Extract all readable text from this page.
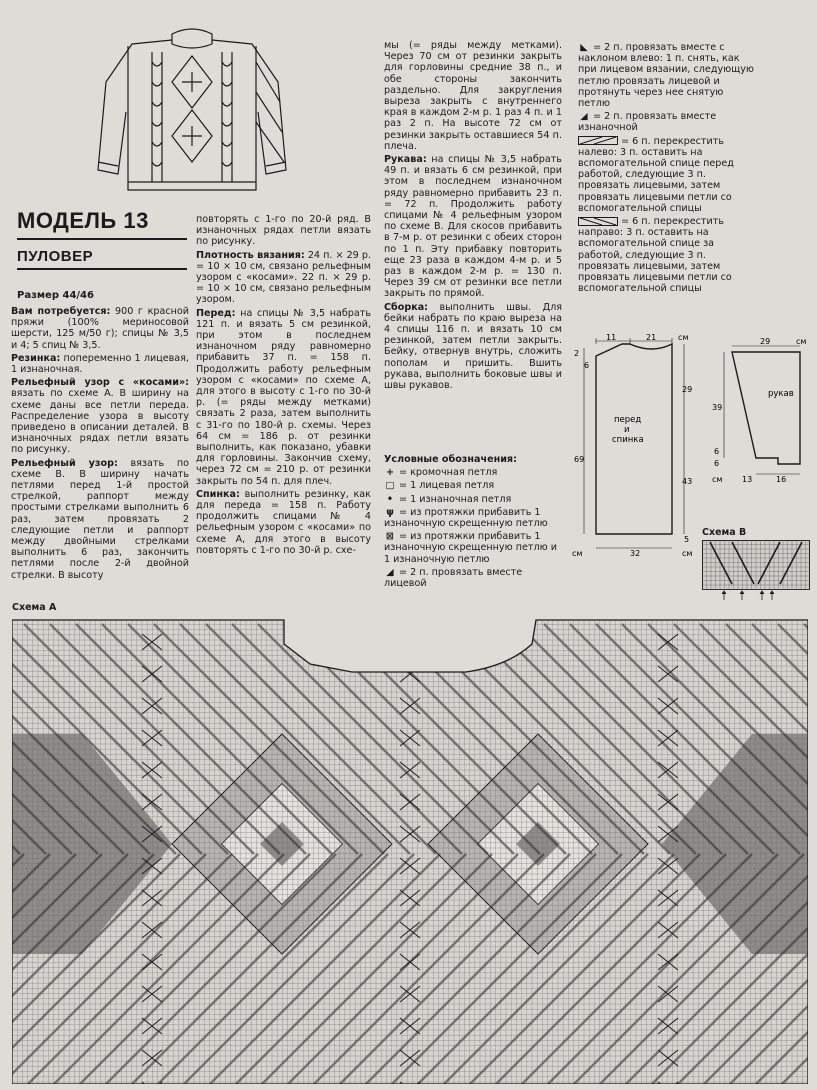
МОДЕЛЬ 13
ПУЛОВЕР
Размер 44/46

Вам потребуется: 900 г красной пряжи (100% мериносовой шерсти, 125 м/50 г); спицы № 3,5 и 4; 5 спиц № 3,5.

Резинка: попеременно 1 лицевая, 1 изнаночная.

Рельефный узор с «косами»: вязать по схеме А. В ширину на схеме даны все петли переда. Распределение узора в высоту приведено в описании деталей. В изнаночных рядах петли вязать по рисунку.

Рельефный узор: вязать по схеме В. В ширину начать петлями перед 1-й простой стрелкой, раппорт между простыми стрелками выполнить 6 раз, затем провязать 2 следующие петли и раппорт между двойными стрелками выполнить 6 раз, закончить петлями после 2-й двойной стрелки. В высоту

повторять с 1-го по 20-й ряд. В изнаночных рядах петли вязать по рисунку.

Плотность вязания: 24 п. × 29 р. = 10 × 10 см, связано рельефным узором с «косами». 22 п. × 29 р. = 10 × 10 см, связано рельефным узором.

Перед: на спицы № 3,5 набрать 121 п. и вязать 5 см резинкой, при этом в последнем изнаночном ряду равномерно прибавить 37 п. = 158 п. Продолжить работу рельефным узором с «косами» по схеме А, для этого в высоту с 1-го по 30-й р. (= ряды между метками) связать 2 раза, затем выполнить с 31-го по 180-й р. схемы. Через 64 см = 186 р. от резинки выполнить, как показано, убавки для горловины. Закончив схему, через 72 см = 210 р. от резинки закрыть по 54 п. для плеч.

Спинка: выполнить резинку, как для переда = 158 п. Работу продолжить спицами № 4 рельефным узором с «косами» по схеме А, для этого в высоту повторять с 1-го по 30-й р. схе-

мы (= ряды между метками). Через 70 см от резинки закрыть для горловины средние 38 п., и обе стороны закончить раздельно. Для закругления выреза закрыть с внутреннего края в каждом 2-м р. 1 раз 4 п. и 1 раз 2 п. На высоте 72 см от резинки закрыть оставшиеся 54 п. плеча.

Рукава: на спицы № 3,5 набрать 49 п. и вязать 6 см резинкой, при этом в последнем изнаночном ряду равномерно прибавить 23 п. = 72 п. Продолжить работу спицами № 4 рельефным узором по схеме В. Для скосов прибавить в 7-м р. от резинки с обеих сторон по 1 п. Эту прибавку повторить еще 23 раза в каждом 4-м р. и 5 раз в каждом 2-м р. = 130 п. Через 39 см от резинки все петли закрыть по прямой.

Сборка: выполнить швы. Для бейки набрать по краю выреза на 4 спицы 116 п. и вязать 10 см резинкой, затем петли закрыть. Бейку, отвернув внутрь, сложить пополам и пришить. Вшить рукава, выполнить боковые швы и швы рукавов.

Условные обозначения:

+ = кромочная петля

□ = 1 лицевая петля

• = 1 изнаночная петля

ψ = из протяжки прибавить 1 изнаночную скрещенную петлю

⊠ = из протяжки прибавить 1 изнаночную скрещенную петлю и 1 изнаночную петлю

◢ = 2 п. провязать вместе лицевой

◣ = 2 п. провязать вместе с наклоном влево: 1 п. снять, как при лицевом вязании, следующую петлю провязать лицевой и протянуть через нее снятую петлю

◢ = 2 п. провязать вместе изнаночной

= 6 п. перекрестить налево: 3 п. оставить на вспомогательной спице перед работой, следующие 3 п. провязать лицевыми, затем провязать лицевыми петли со вспомогательной спицы

= 6 п. перекрестить направо: 3 п. оставить на вспомогательной спице за работой, следующие 3 п. провязать лицевыми, затем провязать лицевыми петли со вспомогательной спицы

11	21	см
2
6
29
69
43
5
32
см	см
перед и спинка
29	см
39
6
6
13	16
см
рукав
Схема В
Схема А
